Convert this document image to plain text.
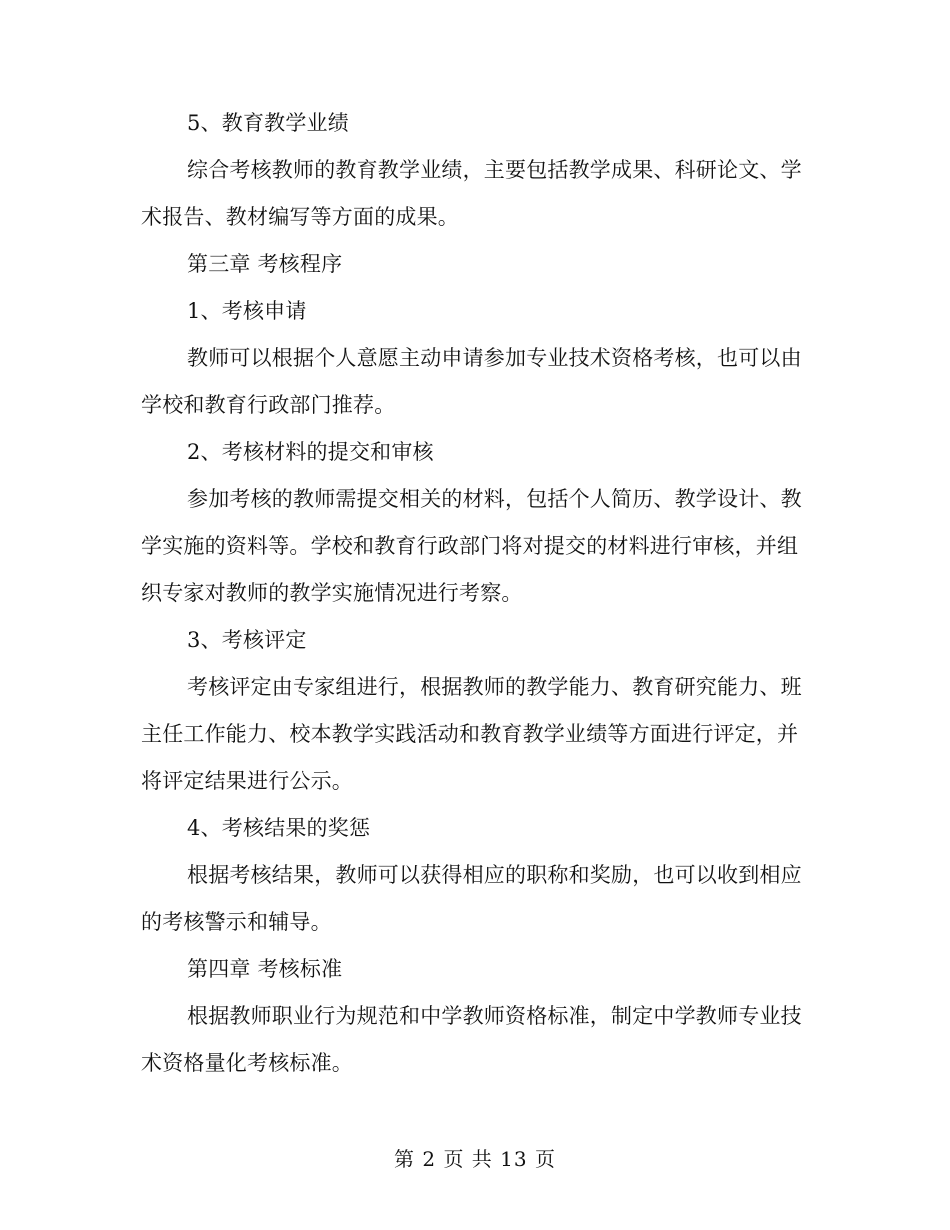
5、教育教学业绩

综合考核教师的教育教学业绩，主要包括教学成果、科研论文、学术报告、教材编写等方面的成果。

第三章 考核程序

1、考核申请

教师可以根据个人意愿主动申请参加专业技术资格考核，也可以由学校和教育行政部门推荐。

2、考核材料的提交和审核

参加考核的教师需提交相关的材料，包括个人简历、教学设计、教学实施的资料等。学校和教育行政部门将对提交的材料进行审核，并组织专家对教师的教学实施情况进行考察。

3、考核评定

考核评定由专家组进行，根据教师的教学能力、教育研究能力、班主任工作能力、校本教学实践活动和教育教学业绩等方面进行评定，并将评定结果进行公示。

4、考核结果的奖惩

根据考核结果，教师可以获得相应的职称和奖励，也可以收到相应的考核警示和辅导。

第四章 考核标准

根据教师职业行为规范和中学教师资格标准，制定中学教师专业技术资格量化考核标准。

第 2 页 共 13 页
